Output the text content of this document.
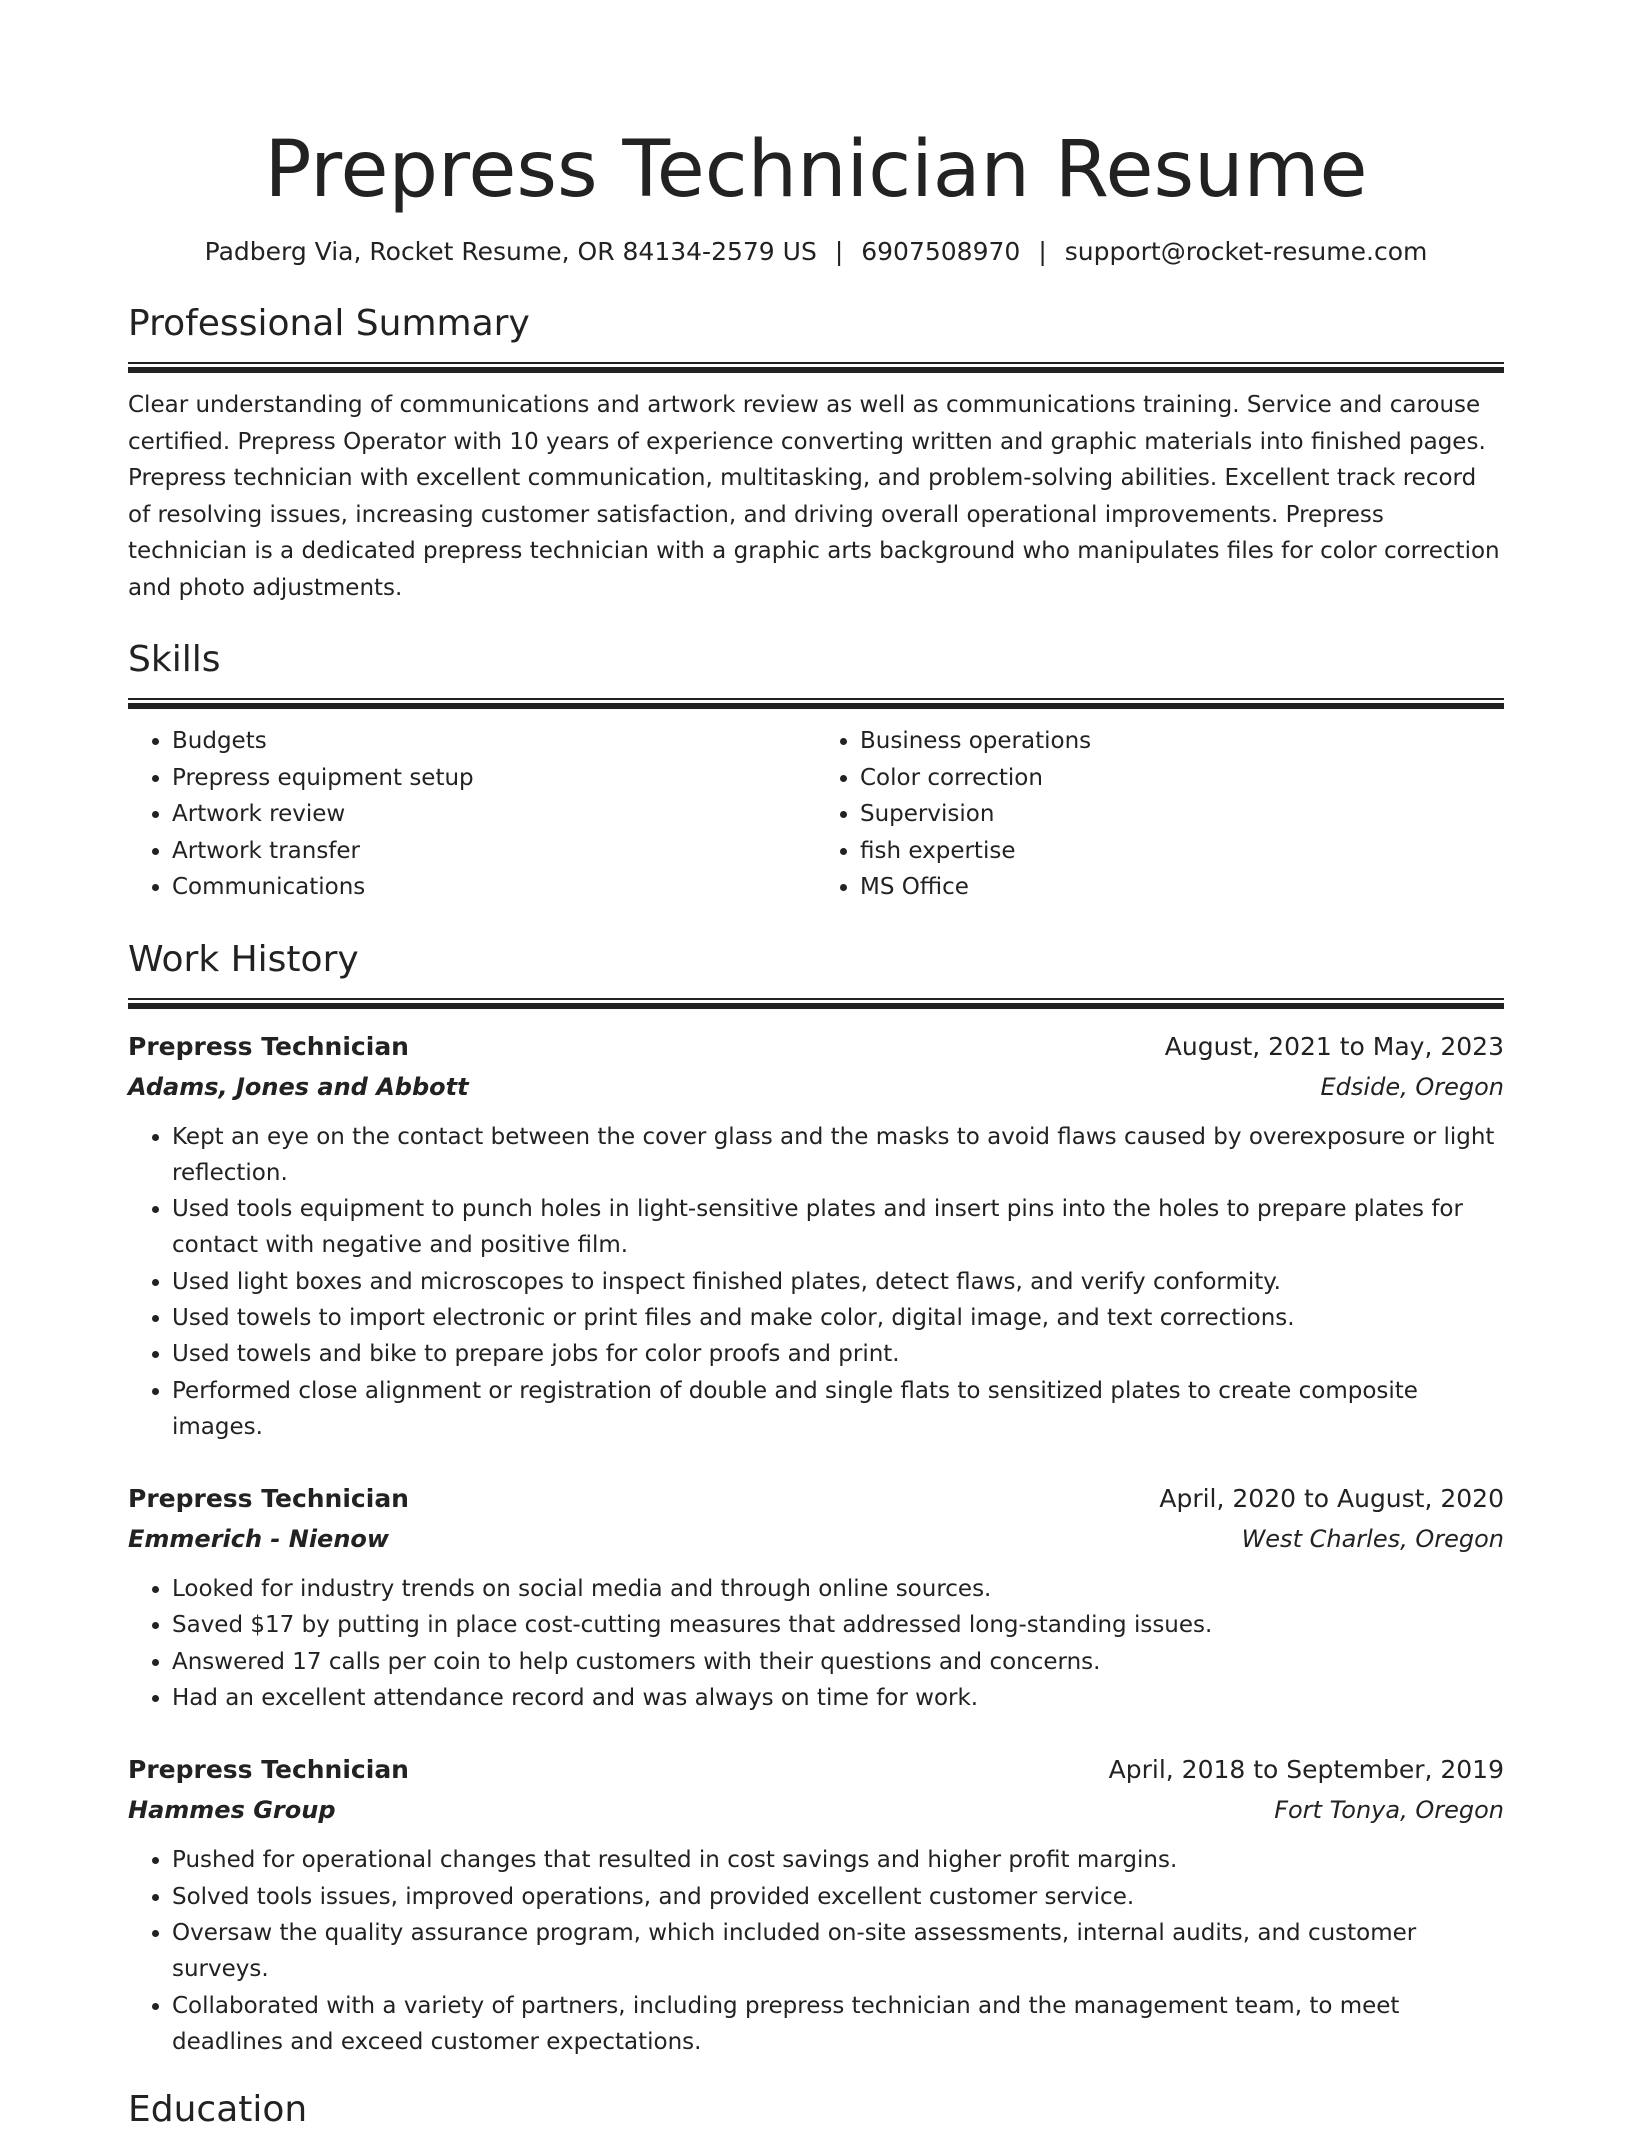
Prepress Technician Resume
Padberg Via, Rocket Resume, OR 84134-2579 US | 6907508970 | support@rocket-resume.com
Professional Summary

Clear understanding of communications and artwork review as well as communications training. Service and carouse certified. Prepress Operator with 10 years of experience converting written and graphic materials into finished pages. Prepress technician with excellent communication, multitasking, and problem-solving abilities. Excellent track record of resolving issues, increasing customer satisfaction, and driving overall operational improvements. Prepress technician is a dedicated prepress technician with a graphic arts background who manipulates files for color correction and photo adjustments.

Skills
• Budgets
• Prepress equipment setup
• Artwork review
• Artwork transfer
• Communications
• Business operations
• Color correction
• Supervision
• fish expertise
• MS Office
Work History
Prepress Technician	August, 2021 to May, 2023
Adams, Jones and Abbott	Edside, Oregon
• Kept an eye on the contact between the cover glass and the masks to avoid flaws caused by overexposure or light reflection.
• Used tools equipment to punch holes in light-sensitive plates and insert pins into the holes to prepare plates for contact with negative and positive film.
• Used light boxes and microscopes to inspect finished plates, detect flaws, and verify conformity.
• Used towels to import electronic or print files and make color, digital image, and text corrections.
• Used towels and bike to prepare jobs for color proofs and print.
• Performed close alignment or registration of double and single flats to sensitized plates to create composite images.
Prepress Technician	April, 2020 to August, 2020
Emmerich - Nienow	West Charles, Oregon
• Looked for industry trends on social media and through online sources.
• Saved $17 by putting in place cost-cutting measures that addressed long-standing issues.
• Answered 17 calls per coin to help customers with their questions and concerns.
• Had an excellent attendance record and was always on time for work.
Prepress Technician	April, 2018 to September, 2019
Hammes Group	Fort Tonya, Oregon
• Pushed for operational changes that resulted in cost savings and higher profit margins.
• Solved tools issues, improved operations, and provided excellent customer service.
• Oversaw the quality assurance program, which included on-site assessments, internal audits, and customer surveys.
• Collaborated with a variety of partners, including prepress technician and the management team, to meet deadlines and exceed customer expectations.
Education
